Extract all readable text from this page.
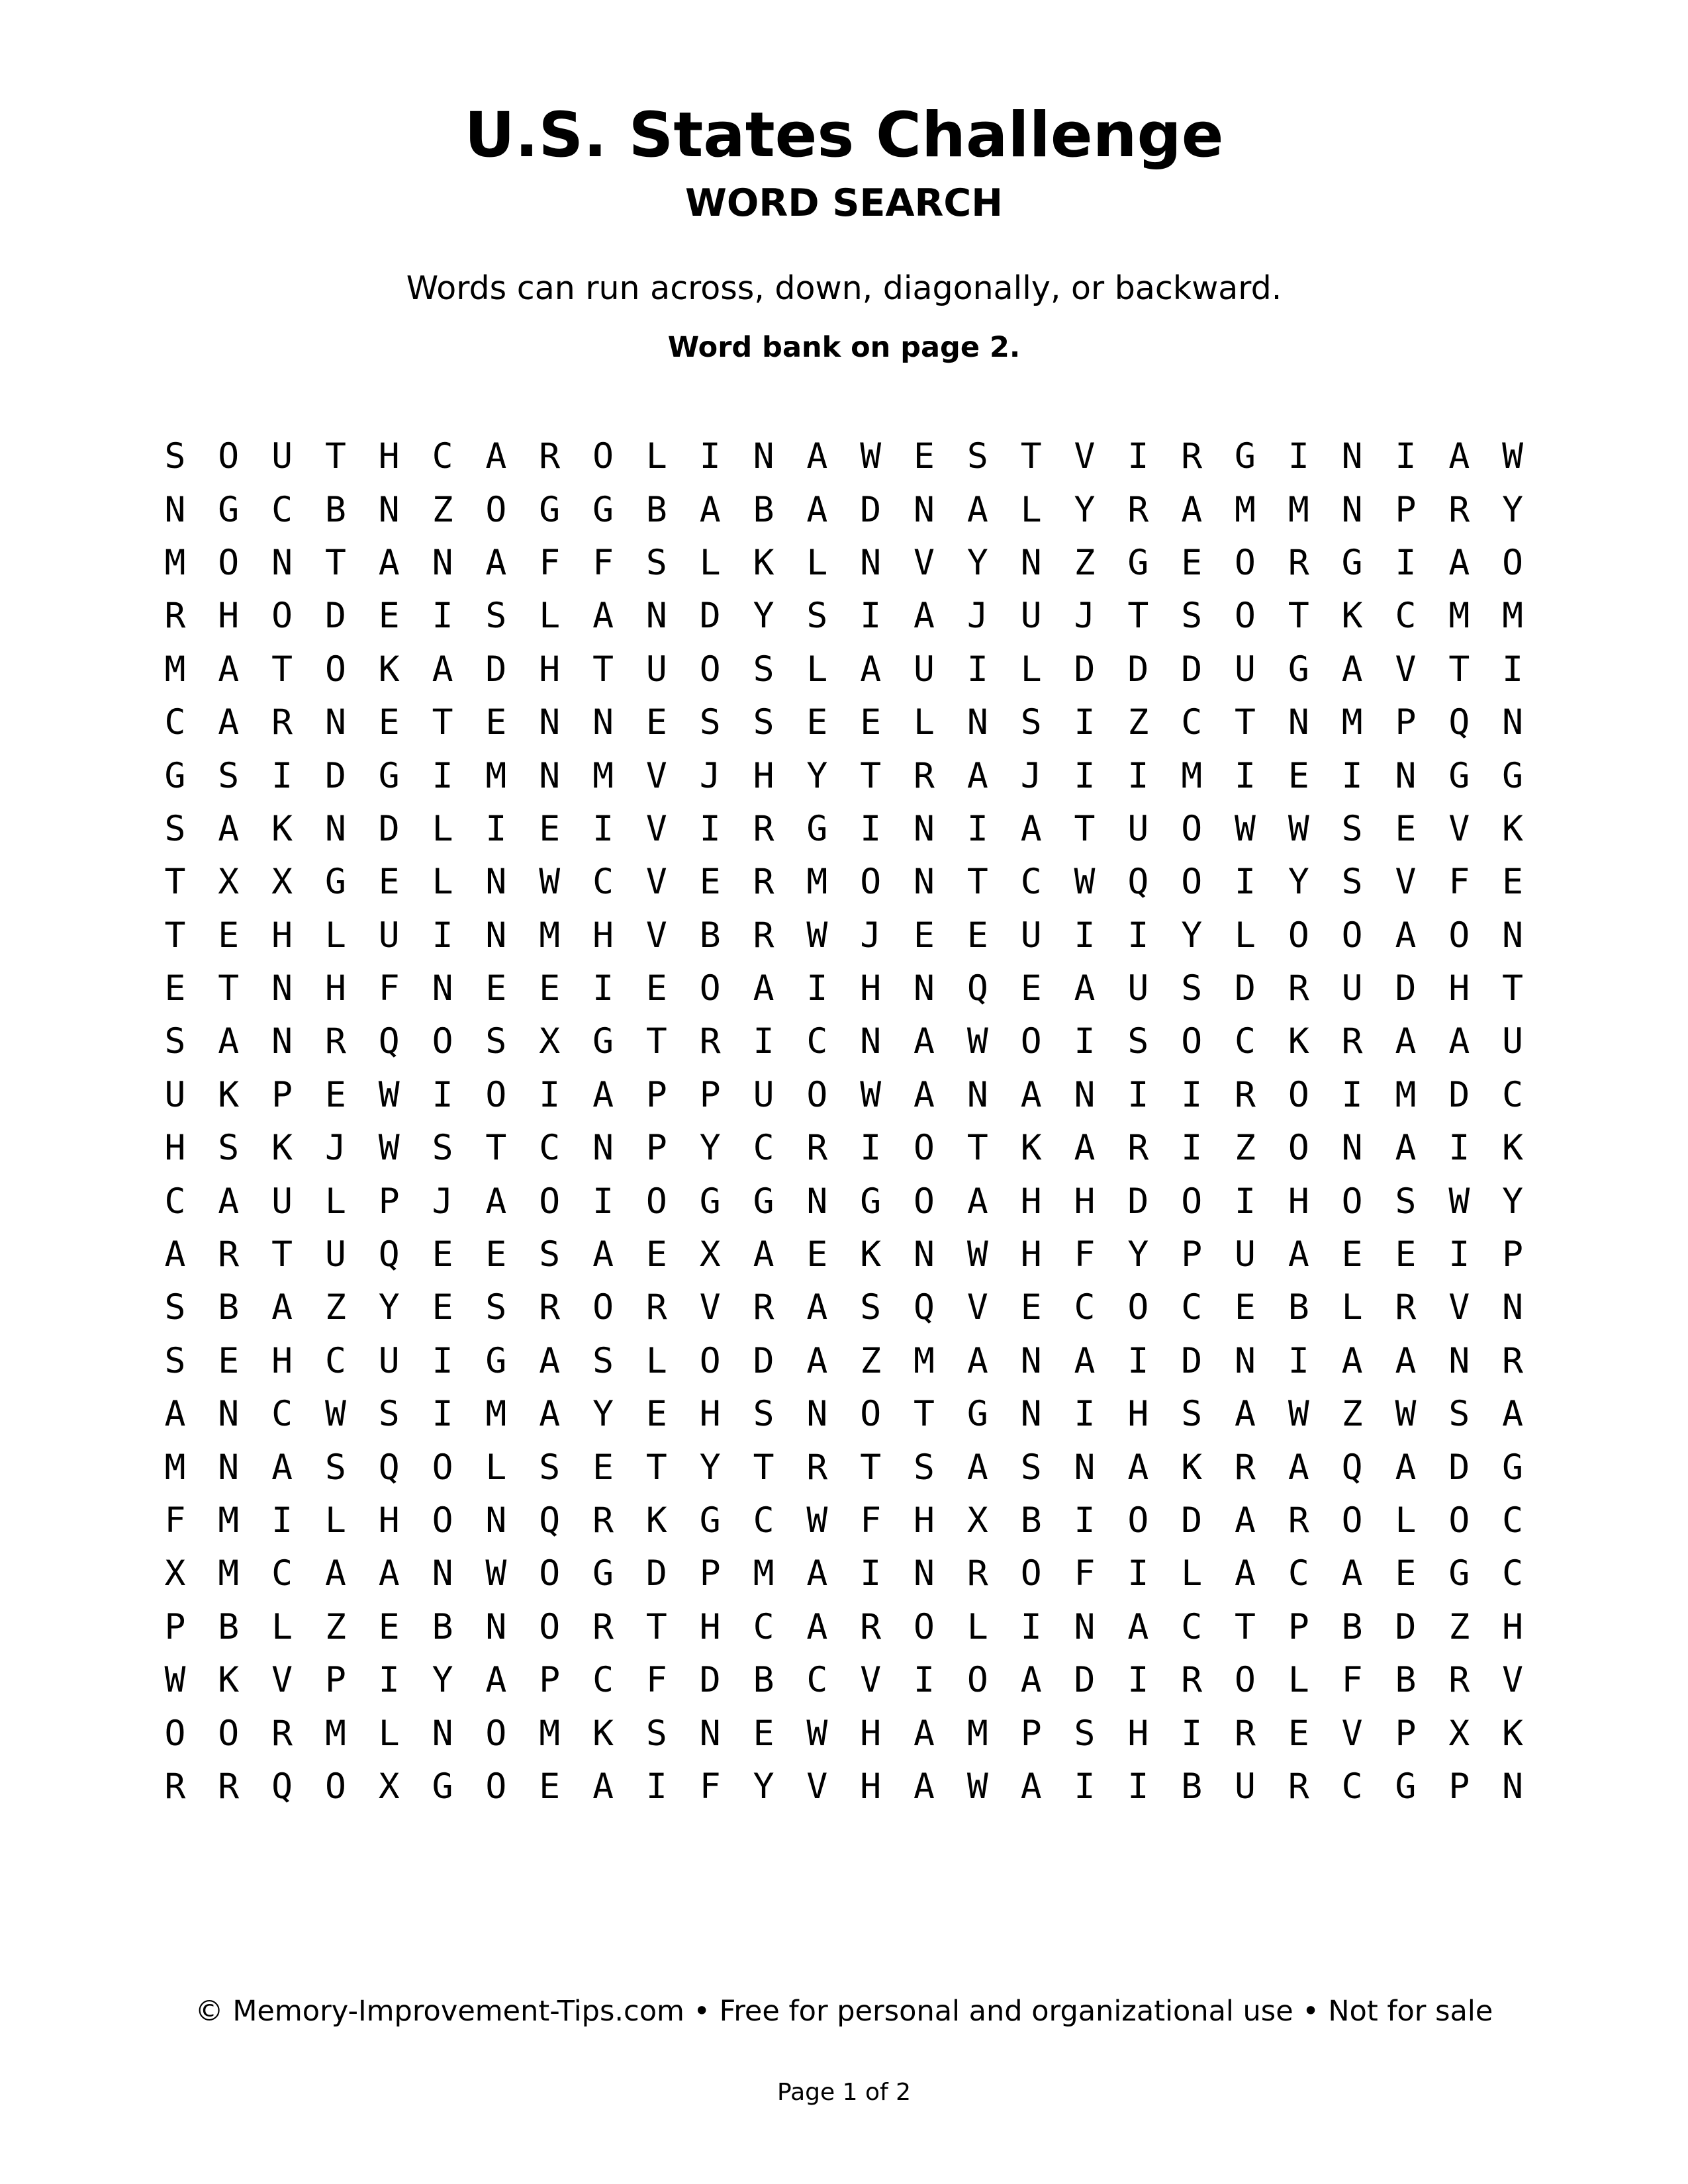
U.S. States Challenge
WORD SEARCH
Words can run across, down, diagonally, or backward.
Word bank on page 2.
S O U T H C A R O L I N A W E S T V I R G I N I A W
N G C B N Z O G G B A B A D N A L Y R A M M N P R Y
M O N T A N A F F S L K L N V Y N Z G E O R G I A O
R H O D E I S L A N D Y S I A J U J T S O T K C M M
M A T O K A D H T U O S L A U I L D D D U G A V T I
C A R N E T E N N E S S E E L N S I Z C T N M P Q N
G S I D G I M N M V J H Y T R A J I I M I E I N G G
S A K N D L I E I V I R G I N I A T U O W W S E V K
T X X G E L N W C V E R M O N T C W Q O I Y S V F E
T E H L U I N M H V B R W J E E U I I Y L O O A O N
E T N H F N E E I E O A I H N Q E A U S D R U D H T
S A N R Q O S X G T R I C N A W O I S O C K R A A U
U K P E W I O I A P P U O W A N A N I I R O I M D C
H S K J W S T C N P Y C R I O T K A R I Z O N A I K
C A U L P J A O I O G G N G O A H H D O I H O S W Y
A R T U Q E E S A E X A E K N W H F Y P U A E E I P
S B A Z Y E S R O R V R A S Q V E C O C E B L R V N
S E H C U I G A S L O D A Z M A N A I D N I A A N R
A N C W S I M A Y E H S N O T G N I H S A W Z W S A
M N A S Q O L S E T Y T R T S A S N A K R A Q A D G
F M I L H O N Q R K G C W F H X B I O D A R O L O C
X M C A A N W O G D P M A I N R O F I L A C A E G C
P B L Z E B N O R T H C A R O L I N A C T P B D Z H
W K V P I Y A P C F D B C V I O A D I R O L F B R V
O O R M L N O M K S N E W H A M P S H I R E V P X K
R R Q O X G O E A I F Y V H A W A I I B U R C G P N
© Memory-Improvement-Tips.com • Free for personal and organizational use • Not for sale
Page 1 of 2
